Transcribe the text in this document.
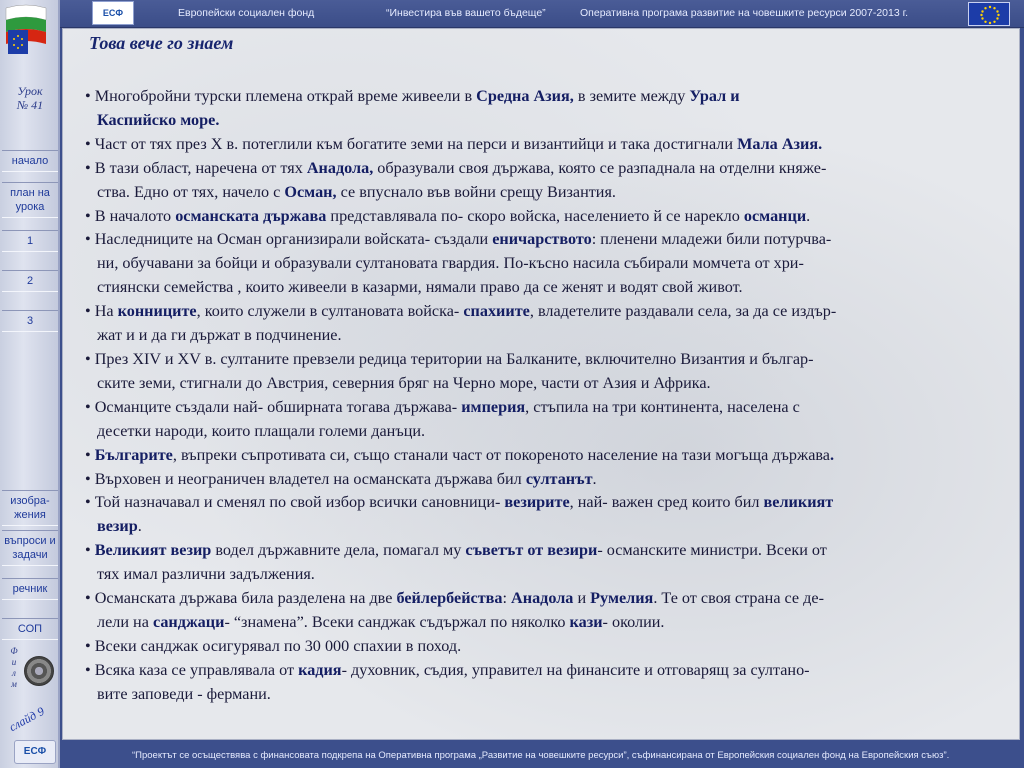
ЕСФ	Европейски социален фонд	“Инвестира във вашето бъдеще”	Оперативна програма развитие на човешките ресурси 2007-2013 г.
Урок
№ 41
начало
план на урока
1
2
3
изобра-жения
въпроси и задачи
речник
СОП
Ф
и
л
м
слайд 9
ЕСФ
Това вече го знаем
• Многобройни турски племена открай време живеели в Средна Азия, в земите между Урал и
Каспийско море.
• Част от тях през Х в. потеглили към богатите земи на перси и византийци и така достигнали Мала Азия.
• В тази област, наречена от тях Анадола, образували своя държава, която се разпаднала на отделни княже-
ства. Едно от тях, начело с Осман, се впуснало във войни срещу Византия.
• В началото османската държава представлявала по- скоро войска, населението й се нарекло османци.
• Наследниците на Осман организирали войската- създали еничарството: пленени младежи били потурчва-
ни, обучавани за бойци и образували султановата гвардия. По-късно насила събирали момчета от хри-
стиянски семейства , които живеели в казарми, нямали право да се женят и водят свой живот.
• На конниците, които служели в султановата войска- спахиите, владетелите раздавали села, за да се издър-
жат и и да ги държат в подчинение.
• През XIV и XV в. султаните превзели редица територии на Балканите, включително Византия и българ-
ските земи, стигнали до Австрия, северния бряг на Черно море, части от Азия и Африка.
• Османците създали най- обширната тогава държава- империя, стъпила на три континента, населена с
десетки народи, които плащали големи данъци.
• Българите, въпреки съпротивата си, също станали част от покореното население на тази могъща държава.
• Върховен и неограничен владетел на османската държава бил султанът.
• Той назначавал и сменял по свой избор всички сановници- везирите, най- важен сред които бил великият
везир.
• Великият везир водел държавните дела, помагал му съветът от везири- османските министри. Всеки от
тях имал различни задължения.
• Османската държава била разделена на две бейлербейства: Анадола и Румелия. Те от своя страна се де-
лели на санджаци- “знамена”. Всеки санджак съдържал по няколко кази- околии.
• Всеки санджак осигурявал по 30 000 спахии в поход.
• Всяка каза се управлявала от кадия- духовник, съдия, управител на финансите и отговарящ за султано-
вите заповеди - фермани.
“Проектът се осъществява с финансовата подкрепа на Оперативна програма „Развитие на човешките ресурси”, съфинансирана от Европейския социален фонд на Европейския съюз”.
